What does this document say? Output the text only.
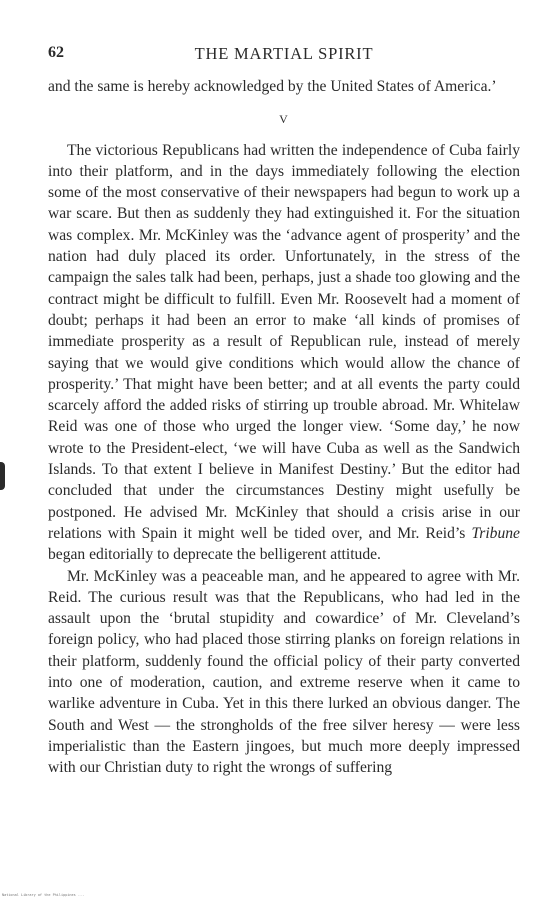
62	THE MARTIAL SPIRIT

and the same is hereby acknowledged by the United States of America.’

V

The victorious Republicans had written the independence of Cuba fairly into their platform, and in the days immediately following the election some of the most conservative of their newspapers had begun to work up a war scare. But then as suddenly they had extinguished it. For the situation was complex. Mr. McKinley was the ‘advance agent of prosperity’ and the nation had duly placed its order. Unfortunately, in the stress of the campaign the sales talk had been, perhaps, just a shade too glowing and the contract might be difficult to fulfill. Even Mr. Roosevelt had a moment of doubt; perhaps it had been an error to make ‘all kinds of promises of immediate prosperity as a result of Republican rule, instead of merely saying that we would give conditions which would allow the chance of prosperity.’ That might have been better; and at all events the party could scarcely afford the added risks of stirring up trouble abroad. Mr. Whitelaw Reid was one of those who urged the longer view. ‘Some day,’ he now wrote to the President-elect, ‘we will have Cuba as well as the Sandwich Islands. To that extent I believe in Manifest Destiny.’ But the editor had concluded that under the circumstances Destiny might usefully be postponed. He advised Mr. McKinley that should a crisis arise in our relations with Spain it might well be tided over, and Mr. Reid’s Tribune began editorially to deprecate the belligerent attitude.

Mr. McKinley was a peaceable man, and he appeared to agree with Mr. Reid. The curious result was that the Republicans, who had led in the assault upon the ‘brutal stupidity and cowardice’ of Mr. Cleveland’s foreign policy, who had placed those stirring planks on foreign relations in their platform, suddenly found the official policy of their party converted into one of moderation, caution, and extreme reserve when it came to warlike adventure in Cuba. Yet in this there lurked an obvious danger. The South and West — the strongholds of the free silver heresy — were less imperialistic than the Eastern jingoes, but much more deeply impressed with our Christian duty to right the wrongs of suffering

National Library of the Philippines ...
